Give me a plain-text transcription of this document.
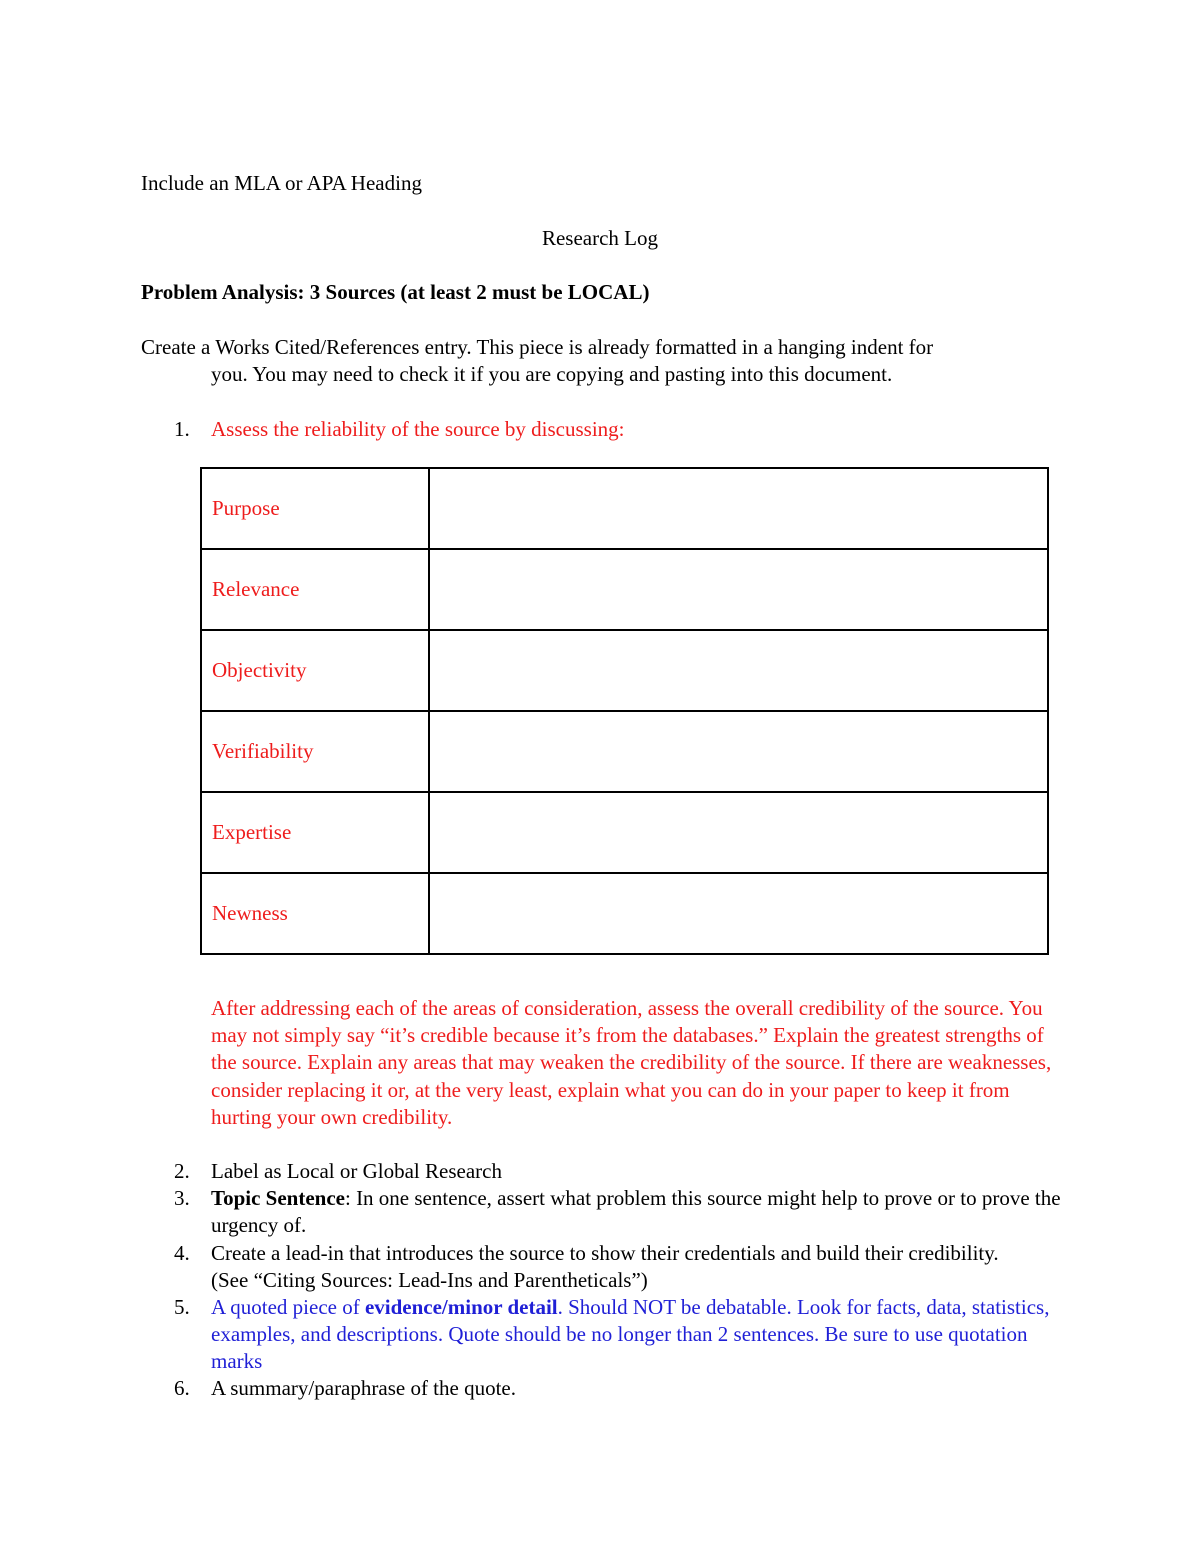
Include an MLA or APA Heading
Research Log
Problem Analysis: 3 Sources (at least 2 must be LOCAL)
Create a Works Cited/References entry. This piece is already formatted in a hanging indent for
you. You may need to check it if you are copying and pasting into this document.
1. Assess the reliability of the source by discussing:
Purpose	
Relevance	
Objectivity	
Verifiability	
Expertise	
Newness	
After addressing each of the areas of consideration, assess the overall credibility of the source. You may not simply say “it’s credible because it’s from the databases.” Explain the greatest strengths of the source. Explain any areas that may weaken the credibility of the source. If there are weaknesses, consider replacing it or, at the very least, explain what you can do in your paper to keep it from hurting your own credibility.
2. Label as Local or Global Research
3. Topic Sentence: In one sentence, assert what problem this source might help to prove or to prove the urgency of.
4. Create a lead-in that introduces the source to show their credentials and build their credibility. (See “Citing Sources: Lead-Ins and Parentheticals”)
5. A quoted piece of evidence/minor detail. Should NOT be debatable. Look for facts, data, statistics, examples, and descriptions. Quote should be no longer than 2 sentences. Be sure to use quotation marks
6. A summary/paraphrase of the quote.
